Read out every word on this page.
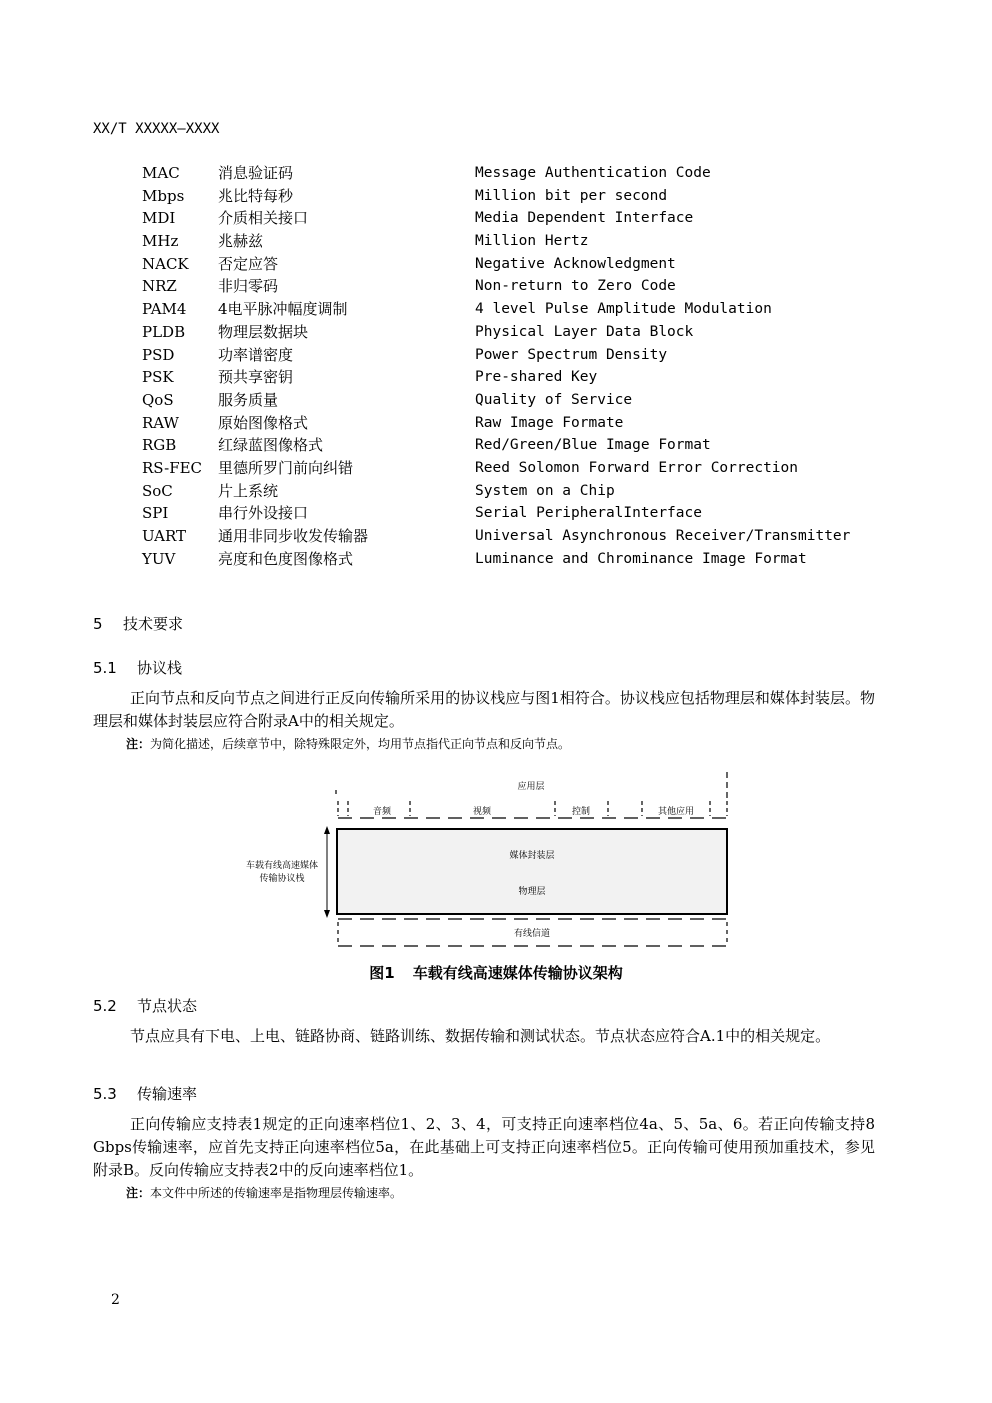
XX/T XXXXX—XXXX
MAC	消息验证码	Message Authentication Code
Mbps 兆比特每秒	Million bit per second
MDI	介质相关接口	Media Dependent Interface
MHz	兆赫兹	Million Hertz
NACK 否定应答	Negative Acknowledgment
NRZ	非归零码	Non-return to Zero Code
PAM4 4电平脉冲幅度调制	4 level Pulse Amplitude Modulation
PLDB 物理层数据块	Physical Layer Data Block
PSD	功率谱密度	Power Spectrum Density
PSK	预共享密钥	Pre-shared Key
QoS	服务质量	Quality of Service
RAW	原始图像格式	Raw Image Formate
RGB	红绿蓝图像格式	Red/Green/Blue Image Format
RS-FEC 里德所罗门前向纠错	Reed Solomon Forward Error Correction
SoC	片上系统	System on a Chip
SPI	串行外设接口	Serial PeripheralInterface
UART 通用非同步收发传输器	Universal Asynchronous Receiver/Transmitter
YUV	亮度和色度图像格式	Luminance and Chrominance Image Format
5 技术要求
5.1 协议栈

正向节点和反向节点之间进行正反向传输所采用的协议栈应与图1相符合。协议栈应包括物理层和媒体封装层。物理层和媒体封装层应符合附录A中的相关规定。

注：为简化描述，后续章节中，除特殊限定外，均用节点指代正向节点和反向节点。
应用层
音频	视频	控制	其他应用
媒体封装层
物理层
有线信道
车载有线高速媒体
传输协议栈
图1 车载有线高速媒体传输协议架构
5.2 节点状态

节点应具有下电、上电、链路协商、链路训练、数据传输和测试状态。节点状态应符合A.1中的相关规定。

5.3 传输速率

正向传输应支持表1规定的正向速率档位1、2、3、4，可支持正向速率档位4a、5、5a、6。若正向传输支持8 Gbps传输速率，应首先支持正向速率档位5a，在此基础上可支持正向速率档位5。正向传输可使用预加重技术，参见附录B。反向传输应支持表2中的反向速率档位1。

注：本文件中所述的传输速率是指物理层传输速率。
2
